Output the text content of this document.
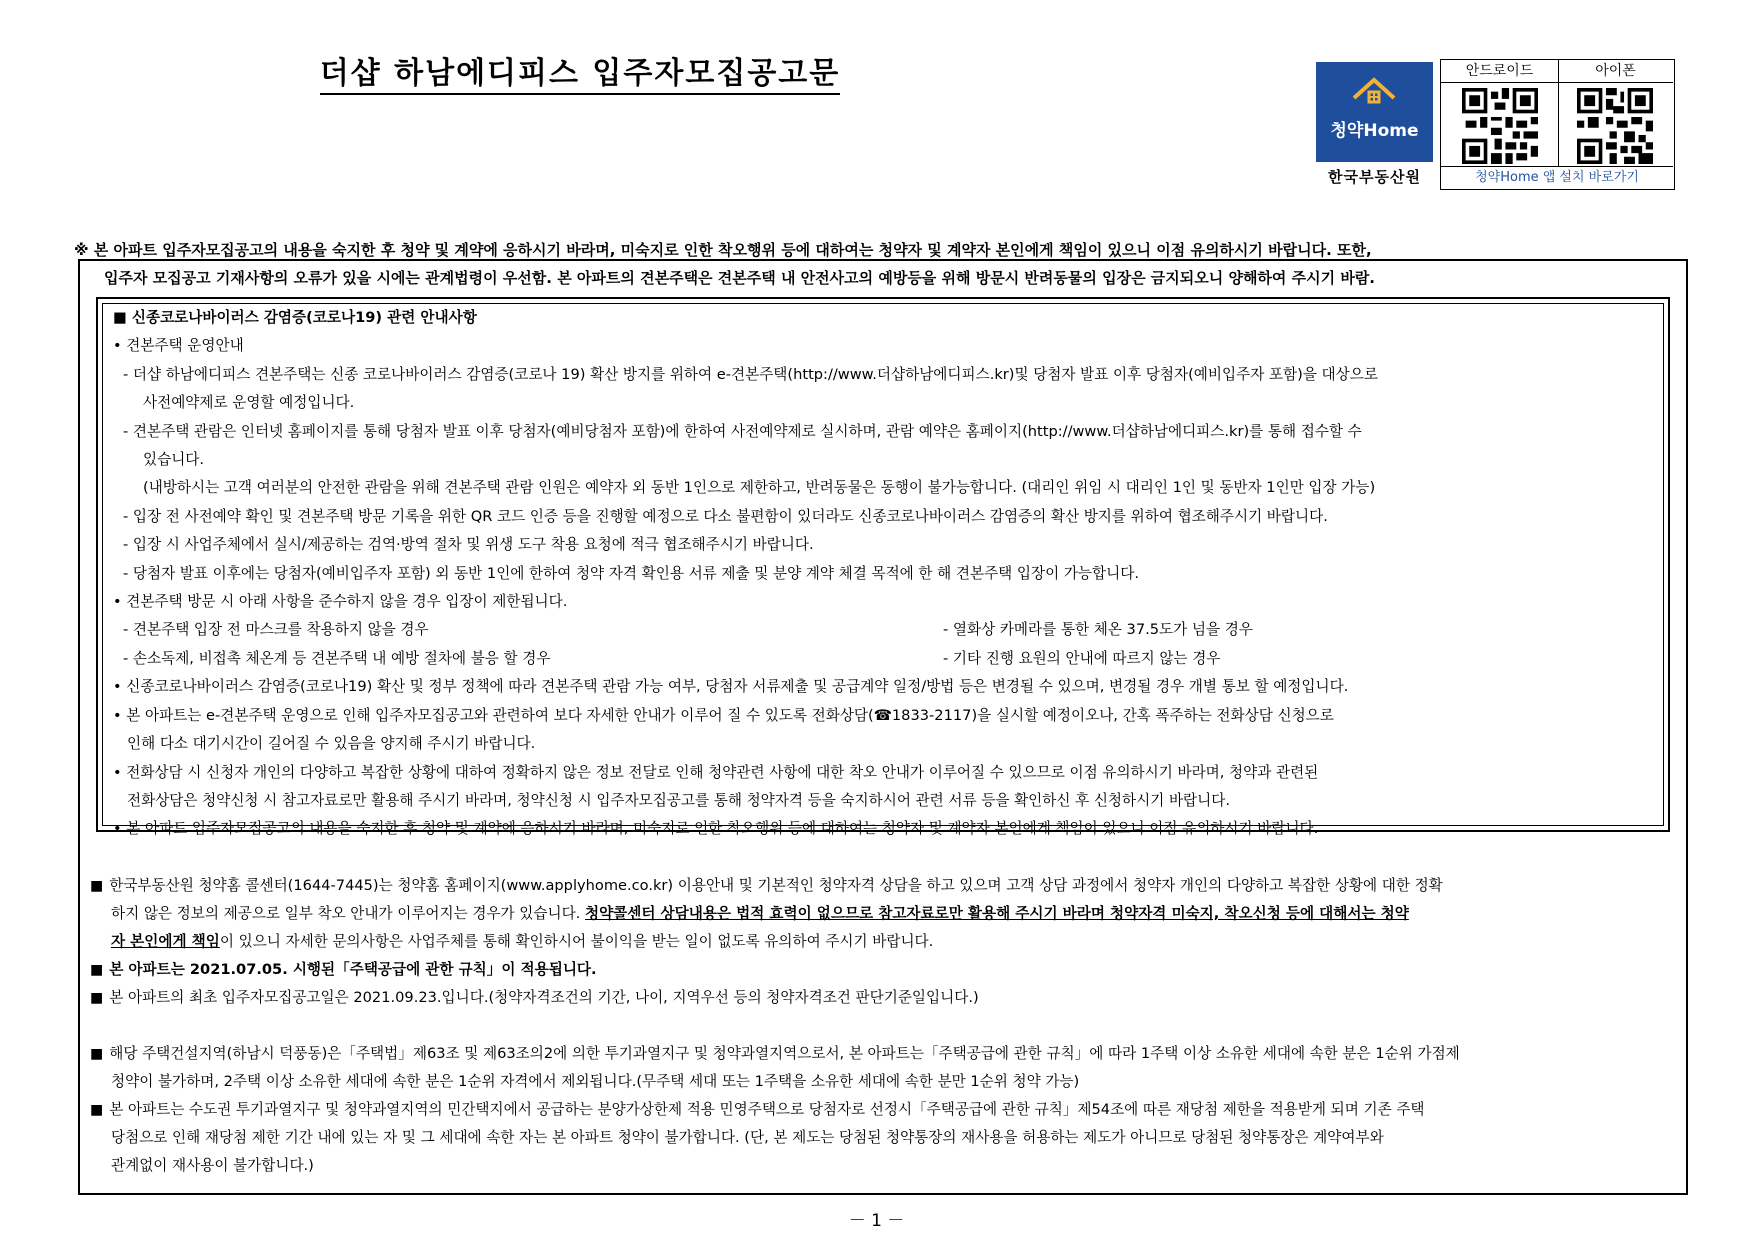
더샵 하남에디피스 입주자모집공고문
청약Home
한국부동산원
안드로이드	아이폰
청약Home 앱 설치 바로가기
※ 본 아파트 입주자모집공고의 내용을 숙지한 후 청약 및 계약에 응하시기 바라며, 미숙지로 인한 착오행위 등에 대하여는 청약자 및 계약자 본인에게 책임이 있으니 이점 유의하시기 바랍니다. 또한,
입주자 모집공고 기재사항의 오류가 있을 시에는 관계법령이 우선함. 본 아파트의 견본주택은 견본주택 내 안전사고의 예방등을 위해 방문시 반려동물의 입장은 금지되오니 양해하여 주시기 바람.
■ 신종코로나바이러스 감염증(코로나19) 관련 안내사항
• 견본주택 운영안내
- 더샵 하남에디피스 견본주택는 신종 코로나바이러스 감염증(코로나 19) 확산 방지를 위하여 e-견본주택(http://www.더샵하남에디피스.kr)및 당첨자 발표 이후 당첨자(예비입주자 포함)을 대상으로
사전예약제로 운영할 예정입니다.
- 견본주택 관람은 인터넷 홈페이지를 통해 당첨자 발표 이후 당첨자(예비당첨자 포함)에 한하여 사전예약제로 실시하며, 관람 예약은 홈페이지(http://www.더샵하남에디피스.kr)를 통해 접수할 수
있습니다.
(내방하시는 고객 여러분의 안전한 관람을 위해 견본주택 관람 인원은 예약자 외 동반 1인으로 제한하고, 반려동물은 동행이 불가능합니다. (대리인 위임 시 대리인 1인 및 동반자 1인만 입장 가능)
- 입장 전 사전예약 확인 및 견본주택 방문 기록을 위한 QR 코드 인증 등을 진행할 예정으로 다소 불편함이 있더라도 신종코로나바이러스 감염증의 확산 방지를 위하여 협조해주시기 바랍니다.
- 입장 시 사업주체에서 실시/제공하는 검역·방역 절차 및 위생 도구 착용 요청에 적극 협조해주시기 바랍니다.
- 당첨자 발표 이후에는 당첨자(예비입주자 포함) 외 동반 1인에 한하여 청약 자격 확인용 서류 제출 및 분양 계약 체결 목적에 한 해 견본주택 입장이 가능합니다.
• 견본주택 방문 시 아래 사항을 준수하지 않을 경우 입장이 제한됩니다.
- 견본주택 입장 전 마스크를 착용하지 않을 경우	- 열화상 카메라를 통한 체온 37.5도가 넘을 경우
- 손소독제, 비접촉 체온계 등 견본주택 내 예방 절차에 불응 할 경우	- 기타 진행 요원의 안내에 따르지 않는 경우
• 신종코로나바이러스 감염증(코로나19) 확산 및 정부 정책에 따라 견본주택 관람 가능 여부, 당첨자 서류제출 및 공급계약 일정/방법 등은 변경될 수 있으며, 변경될 경우 개별 통보 할 예정입니다.
• 본 아파트는 e-견본주택 운영으로 인해 입주자모집공고와 관련하여 보다 자세한 안내가 이루어 질 수 있도록 전화상담(☎1833-2117)을 실시할 예정이오나, 간혹 폭주하는 전화상담 신청으로
인해 다소 대기시간이 길어질 수 있음을 양지해 주시기 바랍니다.
• 전화상담 시 신청자 개인의 다양하고 복잡한 상황에 대하여 정확하지 않은 정보 전달로 인해 청약관련 사항에 대한 착오 안내가 이루어질 수 있으므로 이점 유의하시기 바라며, 청약과 관련된
전화상담은 청약신청 시 참고자료로만 활용해 주시기 바라며, 청약신청 시 입주자모집공고를 통해 청약자격 등을 숙지하시어 관련 서류 등을 확인하신 후 신청하시기 바랍니다.
• 본 아파트 입주자모집공고의 내용을 숙지한 후 청약 및 계약에 응하시기 바라며, 미숙지로 인한 착오행위 등에 대하여는 청약자 및 계약자 본인에게 책임이 있으니 이점 유의하시기 바랍니다.
■ 한국부동산원 청약홈 콜센터(1644-7445)는 청약홈 홈페이지(www.applyhome.co.kr) 이용안내 및 기본적인 청약자격 상담을 하고 있으며 고객 상담 과정에서 청약자 개인의 다양하고 복잡한 상황에 대한 정확
하지 않은 정보의 제공으로 일부 착오 안내가 이루어지는 경우가 있습니다. 청약콜센터 상담내용은 법적 효력이 없으므로 참고자료로만 활용해 주시기 바라며 청약자격 미숙지, 착오신청 등에 대해서는 청약
자 본인에게 책임이 있으니 자세한 문의사항은 사업주체를 통해 확인하시어 불이익을 받는 일이 없도록 유의하여 주시기 바랍니다.
■ 본 아파트는 2021.07.05. 시행된「주택공급에 관한 규칙」이 적용됩니다.
■ 본 아파트의 최초 입주자모집공고일은 2021.09.23.입니다.(청약자격조건의 기간, 나이, 지역우선 등의 청약자격조건 판단기준일입니다.)
■ 해당 주택건설지역(하남시 덕풍동)은「주택법」제63조 및 제63조의2에 의한 투기과열지구 및 청약과열지역으로서, 본 아파트는「주택공급에 관한 규칙」에 따라 1주택 이상 소유한 세대에 속한 분은 1순위 가점제
청약이 불가하며, 2주택 이상 소유한 세대에 속한 분은 1순위 자격에서 제외됩니다.(무주택 세대 또는 1주택을 소유한 세대에 속한 분만 1순위 청약 가능)
■ 본 아파트는 수도권 투기과열지구 및 청약과열지역의 민간택지에서 공급하는 분양가상한제 적용 민영주택으로 당첨자로 선정시「주택공급에 관한 규칙」제54조에 따른 재당첨 제한을 적용받게 되며 기존 주택
당첨으로 인해 재당첨 제한 기간 내에 있는 자 및 그 세대에 속한 자는 본 아파트 청약이 불가합니다. (단, 본 제도는 당첨된 청약통장의 재사용을 허용하는 제도가 아니므로 당첨된 청약통장은 계약여부와
관계없이 재사용이 불가합니다.)
－ 1 －
